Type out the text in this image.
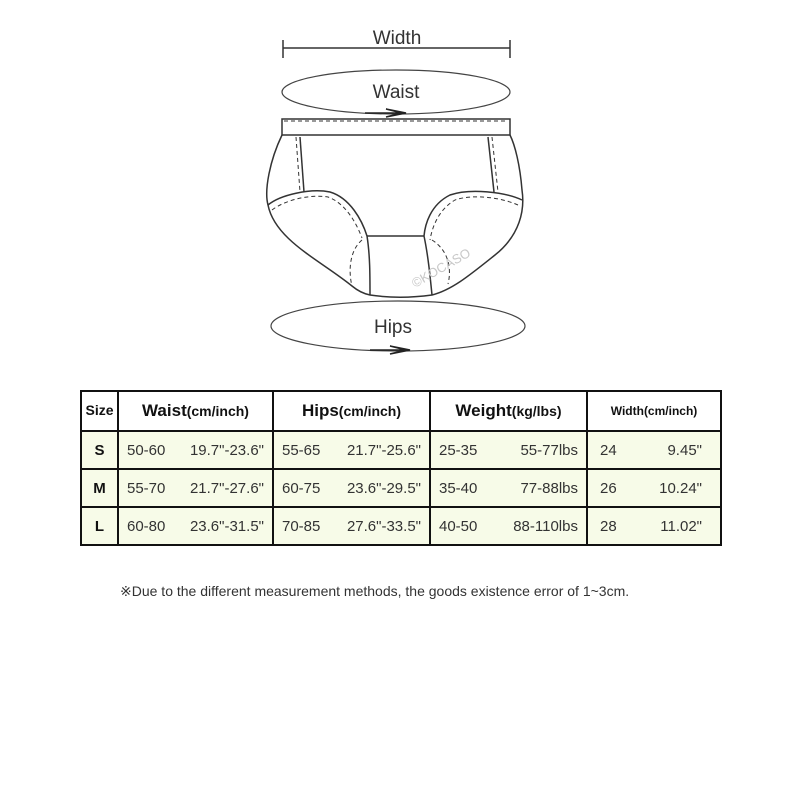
Width
Waist
©KOCASO
Hips
Size	Waist(cm/inch)	Hips(cm/inch)	Weight(kg/lbs)	Width(cm/inch)
S	50-60 19.7"-23.6"	55-65 21.7"-25.6"	25-35 55-77lbs	24 9.45"

M	55-70 21.7"-27.6"	60-75 23.6"-29.5"	35-40 77-88lbs	26 10.24"

L	60-80 23.6"-31.5"	70-85 27.6"-33.5"	40-50 88-110lbs	28 11.02"
※Due to the different measurement methods, the goods existence error of 1~3cm.
